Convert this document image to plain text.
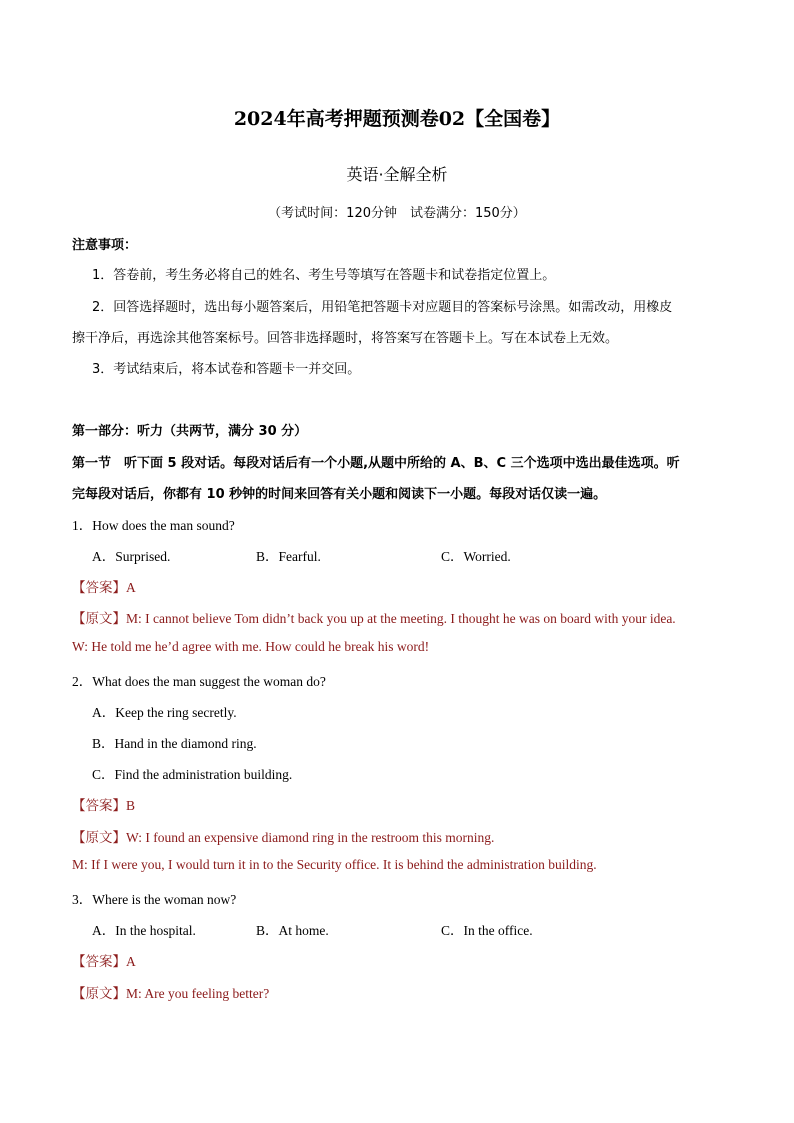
2024年高考押题预测卷02【全国卷】
英语·全解全析
（考试时间：120分钟　试卷满分：150分）
注意事项：
1．答卷前，考生务必将自己的姓名、考生号等填写在答题卡和试卷指定位置上。
2．回答选择题时，选出每小题答案后，用铅笔把答题卡对应题目的答案标号涂黑。如需改动，用橡皮
擦干净后，再选涂其他答案标号。回答非选择题时，将答案写在答题卡上。写在本试卷上无效。
3．考试结束后，将本试卷和答题卡一并交回。
第一部分：听力（共两节，满分 30 分）
第一节　听下面 5 段对话。每段对话后有一个小题,从题中所给的 A、B、C 三个选项中选出最佳选项。听
完每段对话后，你都有 10 秒钟的时间来回答有关小题和阅读下一小题。每段对话仅读一遍。
1．How does the man sound?
A．Surprised.	B．Fearful.	C．Worried.
【答案】A
【原文】M: I cannot believe Tom didn’t back you up at the meeting. I thought he was on board with your idea.
W: He told me he’d agree with me. How could he break his word!
2．What does the man suggest the woman do?
A．Keep the ring secretly.
B．Hand in the diamond ring.
C．Find the administration building.
【答案】B
【原文】W: I found an expensive diamond ring in the restroom this morning.
M: If I were you, I would turn it in to the Security office. It is behind the administration building.
3．Where is the woman now?
A．In the hospital.	B．At home.	C．In the office.
【答案】A
【原文】M: Are you feeling better?
